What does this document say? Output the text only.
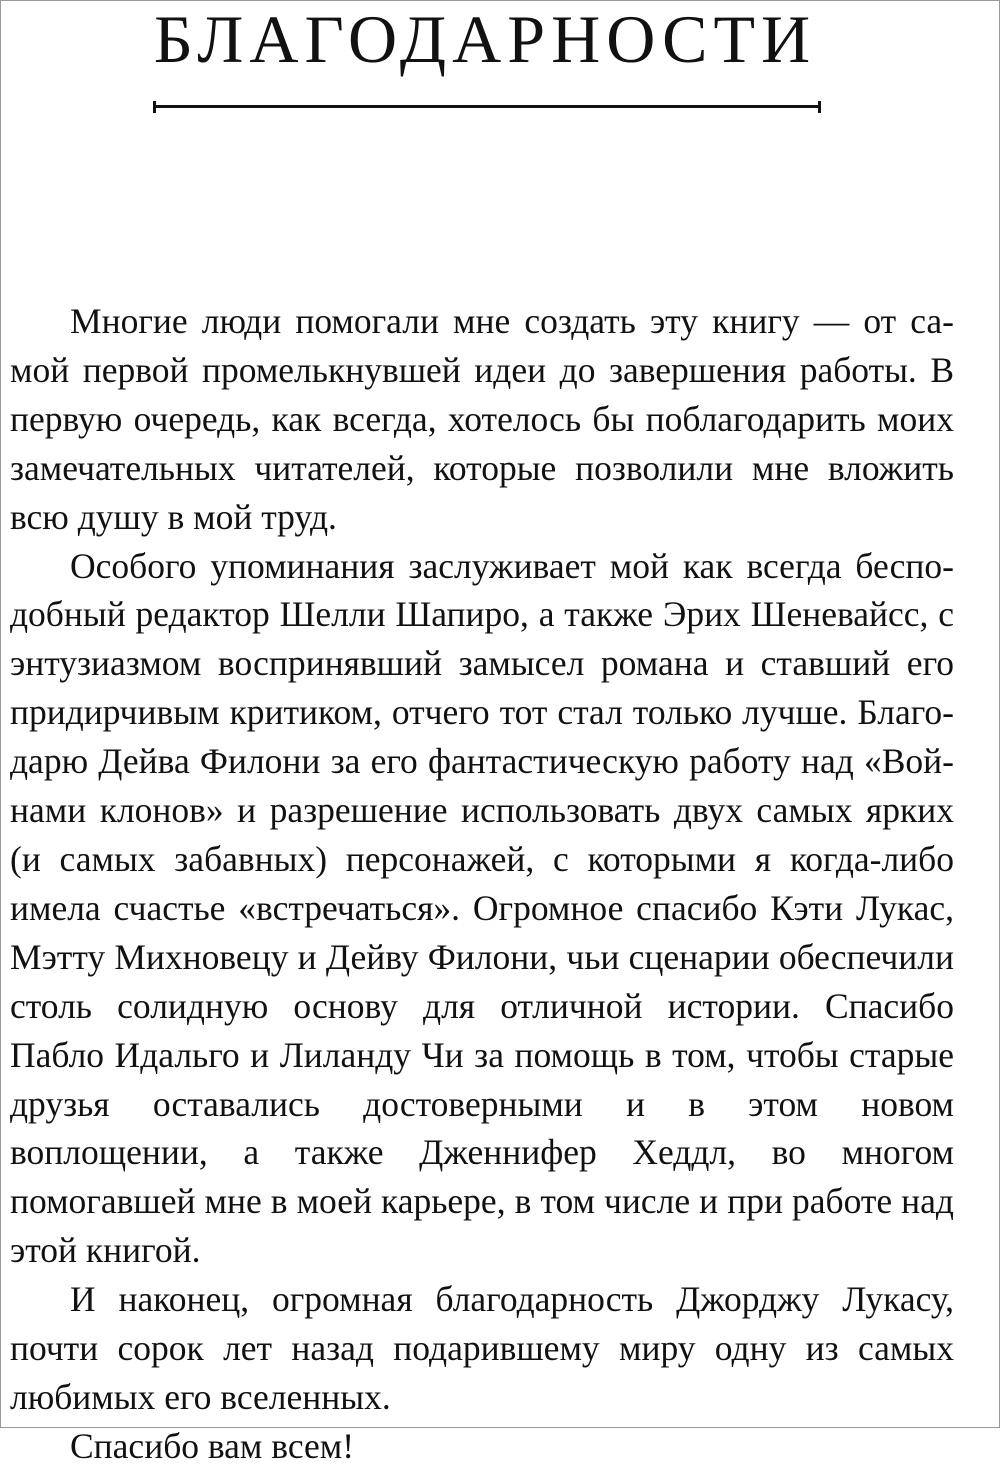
БЛАГОДАРНОСТИ

Многие люди помогали мне создать эту книгу — от самой первой промелькнувшей идеи до завершения работы. В первую очередь, как всегда, хотелось бы поблагодарить моих замечательных читателей, которые позволили мне вложить всю душу в мой труд.

Особого упоминания заслуживает мой как всегда бесподобный редактор Шелли Шапиро, а также Эрих Шеневайсс, с энтузиазмом воспринявший замысел романа и ставший его придирчивым критиком, отчего тот стал только лучше. Благодарю Дейва Филони за его фантастическую работу над «Войнами клонов» и разрешение использовать двух самых ярких (и самых забавных) персонажей, с которыми я когда-либо имела счастье «встречаться». Огромное спасибо Кэти Лукас, Мэтту Михновецу и Дейву Филони, чьи сценарии обеспечили столь солидную основу для отличной истории. Спасибо Пабло Идальго и Лиланду Чи за помощь в том, чтобы старые друзья оставались достоверными и в этом новом воплощении, а также Дженнифер Хеддл, во многом помогавшей мне в моей карьере, в том числе и при работе над этой книгой.

И наконец, огромная благодарность Джорджу Лукасу, почти сорок лет назад подарившему миру одну из самых любимых его вселенных.

Спасибо вам всем!
